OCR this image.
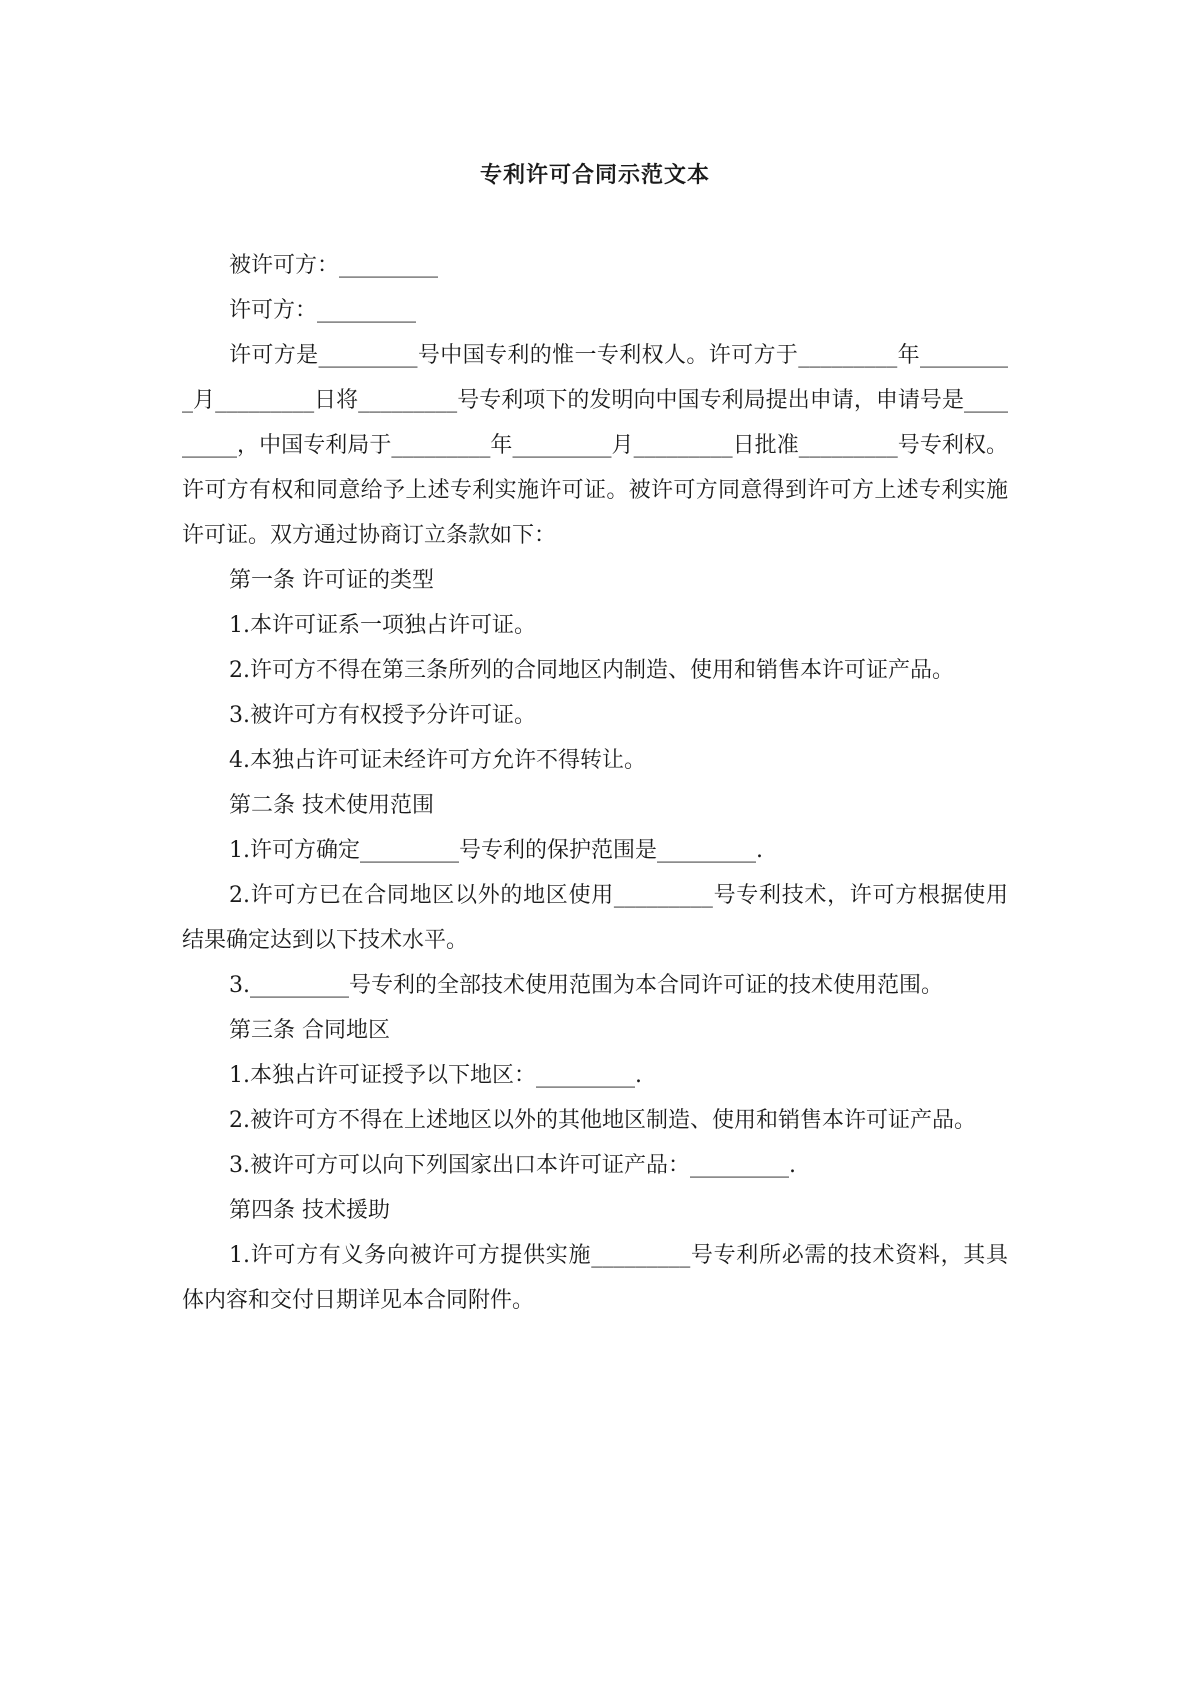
专利许可合同示范文本

被许可方：_________

许可方：_________

许可方是_________号中国专利的惟一专利权人。许可方于_________年_________月_________日将_________号专利项下的发明向中国专利局提出申请，申请号是_________，中国专利局于_________年_________月_________日批准_________号专利权。许可方有权和同意给予上述专利实施许可证。被许可方同意得到许可方上述专利实施许可证。双方通过协商订立条款如下：

第一条 许可证的类型

1.本许可证系一项独占许可证。

2.许可方不得在第三条所列的合同地区内制造、使用和销售本许可证产品。

3.被许可方有权授予分许可证。

4.本独占许可证未经许可方允许不得转让。

第二条 技术使用范围

1.许可方确定_________号专利的保护范围是_________.

2.许可方已在合同地区以外的地区使用_________号专利技术，许可方根据使用结果确定达到以下技术水平。

3._________号专利的全部技术使用范围为本合同许可证的技术使用范围。

第三条 合同地区

1.本独占许可证授予以下地区：_________.

2.被许可方不得在上述地区以外的其他地区制造、使用和销售本许可证产品。

3.被许可方可以向下列国家出口本许可证产品：_________.

第四条 技术援助

1.许可方有义务向被许可方提供实施_________号专利所必需的技术资料，其具体内容和交付日期详见本合同附件。
